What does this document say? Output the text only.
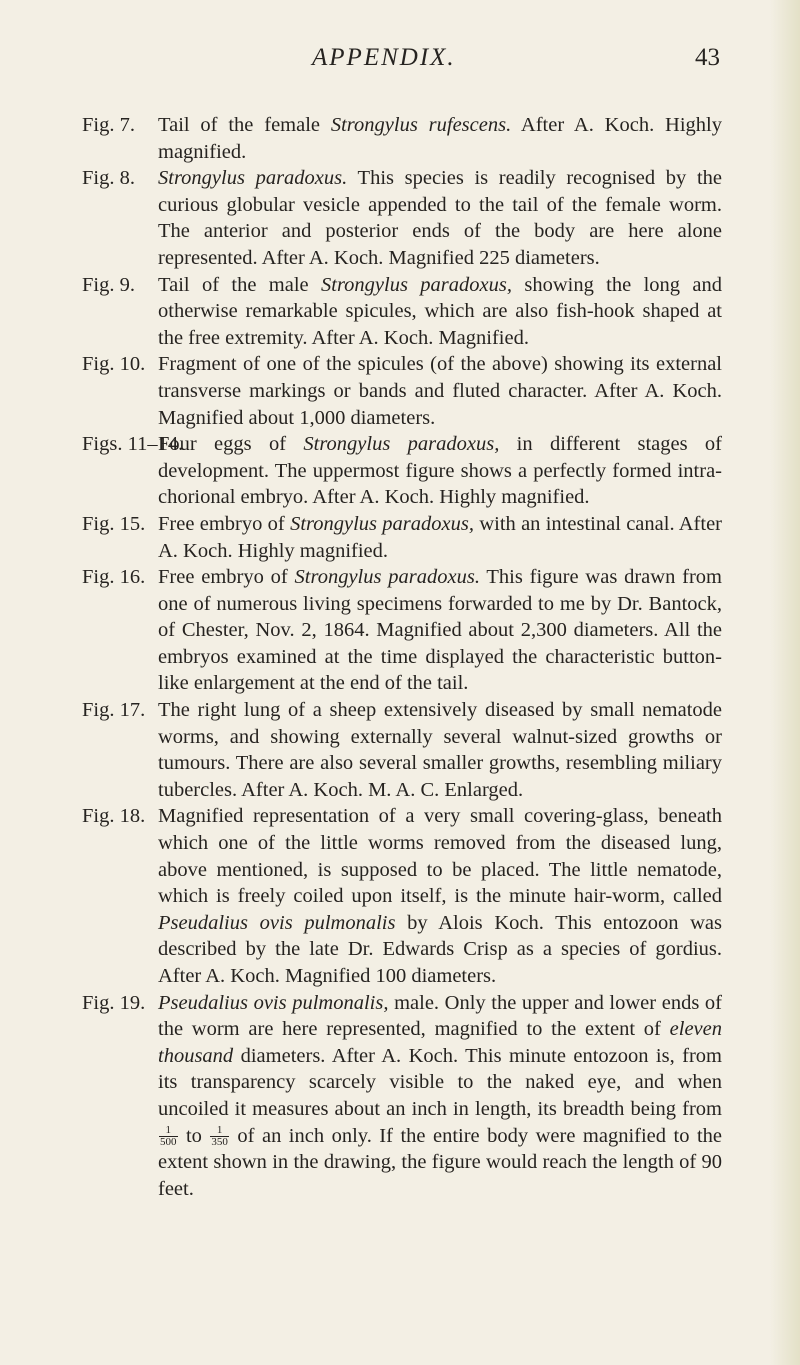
APPENDIX.	43
Fig. 7. Tail of the female Strongylus rufescens. After A. Koch. Highly magnified.
Fig. 8. Strongylus paradoxus. This species is readily recognised by the curious globular vesicle appended to the tail of the female worm. The anterior and posterior ends of the body are here alone represented. After A. Koch. Magnified 225 diameters.
Fig. 9. Tail of the male Strongylus paradoxus, showing the long and otherwise remarkable spicules, which are also fish-hook shaped at the free extremity. After A. Koch. Magnified.
Fig. 10. Fragment of one of the spicules (of the above) showing its external transverse markings or bands and fluted character. After A. Koch. Magnified about 1,000 diameters.
Figs. 11–14.
Four eggs of Strongylus paradoxus, in different stages of development. The uppermost figure shows a perfectly formed intra-chorional embryo. After A. Koch. Highly magnified.
Fig. 15. Free embryo of Strongylus paradoxus, with an intestinal canal. After A. Koch. Highly magnified.
Fig. 16. Free embryo of Strongylus paradoxus. This figure was drawn from one of numerous living specimens forwarded to me by Dr. Bantock, of Chester, Nov. 2, 1864. Magnified about 2,300 diameters. All the embryos examined at the time displayed the characteristic button-like enlargement at the end of the tail.
Fig. 17. The right lung of a sheep extensively diseased by small nematode worms, and showing externally several walnut-sized growths or tumours. There are also several smaller growths, resembling miliary tubercles. After A. Koch. M. A. C. Enlarged.
Fig. 18. Magnified representation of a very small covering-glass, beneath which one of the little worms removed from the diseased lung, above mentioned, is supposed to be placed. The little nematode, which is freely coiled upon itself, is the minute hair-worm, called Pseudalius ovis pulmonalis by Alois Koch. This entozoon was described by the late Dr. Edwards Crisp as a species of gordius. After A. Koch. Magnified 100 diameters.
Fig. 19. Pseudalius ovis pulmonalis, male. Only the upper and lower ends of the worm are here represented, magnified to the extent of eleven thousand diameters. After A. Koch. This minute entozoon is, from its transparency scarcely visible to the naked eye, and when uncoiled it measures about an inch in length, its breadth being from
$\frac{1}{500}$ to $\frac{1}{350}$ of an inch only. If the entire body were magnified to the extent shown in the drawing, the figure would reach the length of 90 feet.
